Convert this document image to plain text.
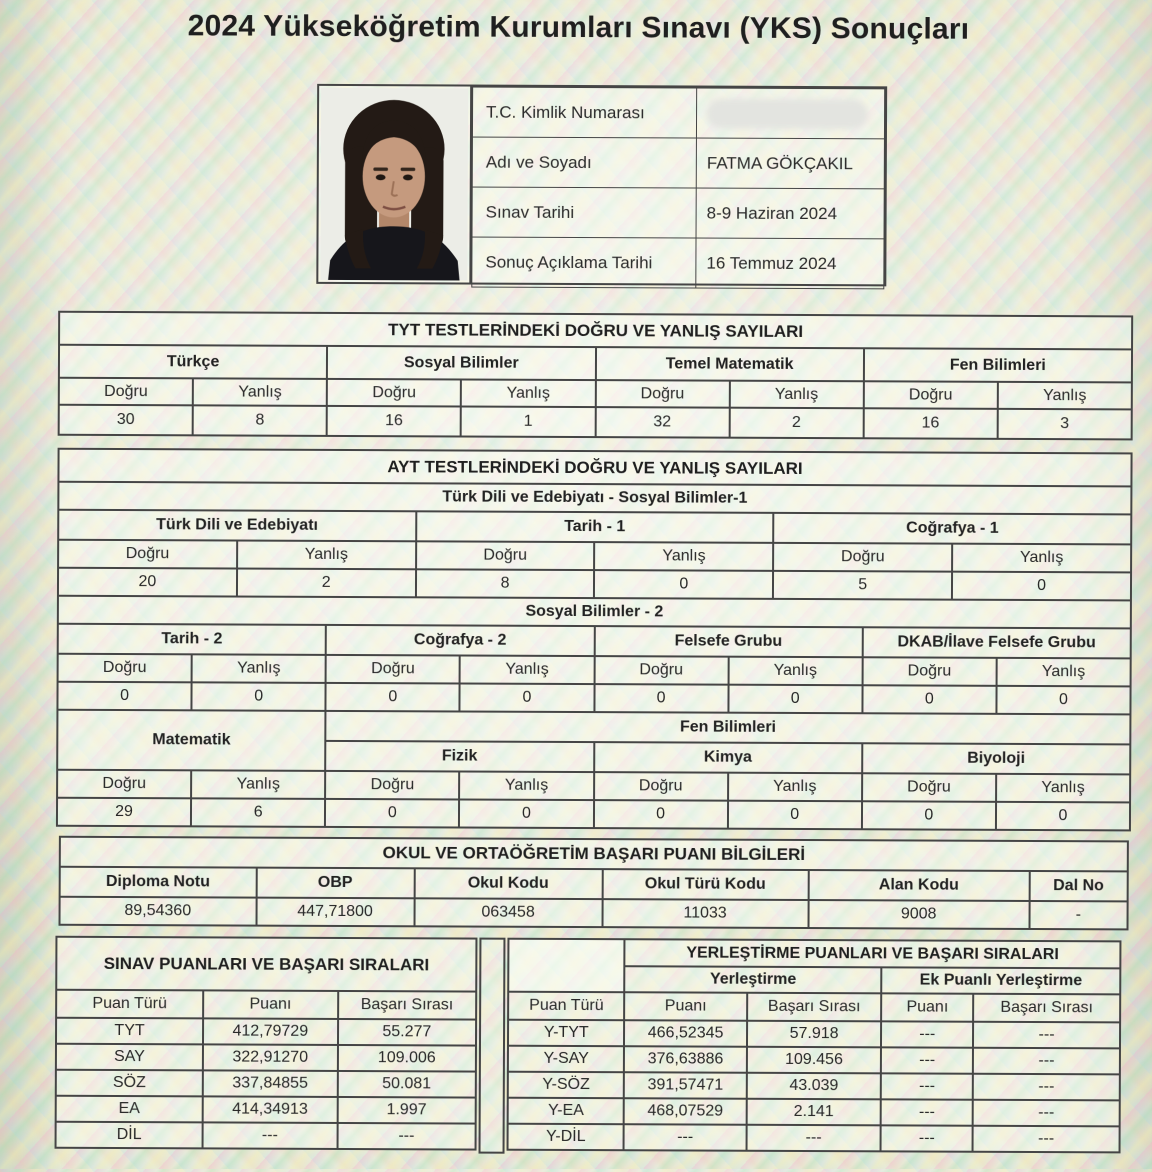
2024 Yükseköğretim Kurumları Sınavı (YKS) Sonuçları
T.C. Kimlik Numarası	
Adı ve Soyadı	FATMA GÖKÇAKIL
Sınav Tarihi	8-9 Haziran 2024
Sonuç Açıklama Tarihi	16 Temmuz 2024
TYT TESTLERİNDEKİ DOĞRU VE YANLIŞ SAYILARI							
Türkçe		Sosyal Bilimler		Temel Matematik		Fen Bilimleri	
Doğru	Yanlış	Doğru	Yanlış	Doğru	Yanlış	Doğru	Yanlış
30	8	16	1	32	2	16	3
AYT TESTLERİNDEKİ DOĞRU VE YANLIŞ SAYILARI					
Türk Dili ve Edebiyatı - Sosyal Bilimler-1					
Türk Dili ve Edebiyatı		Tarih - 1		Coğrafya - 1	
Doğru	Yanlış	Doğru	Yanlış	Doğru	Yanlış
20	2	8	0	5	0
Sosyal Bilimler - 2							
Tarih - 2		Coğrafya - 2		Felsefe Grubu		DKAB/İlave Felsefe Grubu	
Doğru	Yanlış	Doğru	Yanlış	Doğru	Yanlış	Doğru	Yanlış
0	0	0	0	0	0	0	0
Matematik		Fen Bilimleri					
		Fizik		Kimya		Biyoloji	
Doğru	Yanlış	Doğru	Yanlış	Doğru	Yanlış	Doğru	Yanlış
29	6	0	0	0	0	0	0
OKUL VE ORTAÖĞRETİM BAŞARI PUANI BİLGİLERİ					
Diploma Notu	OBP	Okul Kodu	Okul Türü Kodu	Alan Kodu	Dal No
89,54360	447,71800	063458	11033	9008	-
SINAV PUANLARI VE BAŞARI SIRALARI		
Puan Türü	Puanı	Başarı Sırası
TYT	412,79729	55.277
SAY	322,91270	109.006
SÖZ	337,84855	50.081
EA	414,34913	1.997
DİL	---	---
	YERLEŞTİRME PUANLARI VE BAŞARI SIRALARI			
	Yerleştirme		Ek Puanlı Yerleştirme	
Puan Türü	Puanı	Başarı Sırası	Puanı	Başarı Sırası
Y-TYT	466,52345	57.918	---	---
Y-SAY	376,63886	109.456	---	---
Y-SÖZ	391,57471	43.039	---	---
Y-EA	468,07529	2.141	---	---
Y-DİL	---	---	---	---
